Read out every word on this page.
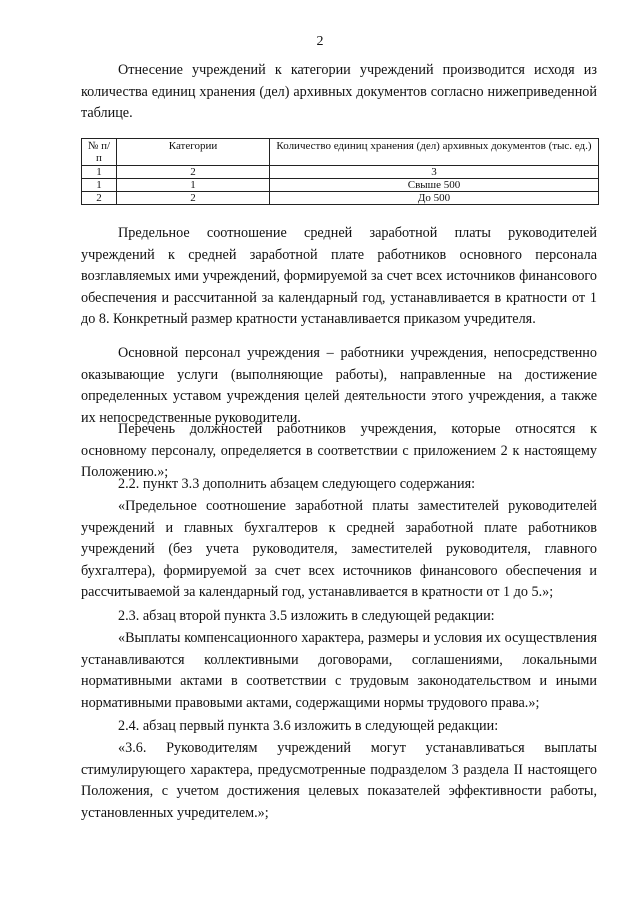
2

Отнесение учреждений к категории учреждений производится исходя из количества единиц хранения (дел) архивных документов согласно нижеприведенной таблице.

№ п/п	Категории	Количество единиц хранения (дел) архивных документов (тыс. ед.)
1	2	3
1	1	Свыше 500
2	2	До 500

Предельное соотношение средней заработной платы руководителей учреждений к средней заработной плате работников основного персонала возглавляемых ими учреждений, формируемой за счет всех источников финансового обеспечения и рассчитанной за календарный год, устанавливается в кратности от 1 до 8. Конкретный размер кратности устанавливается приказом учредителя.

Основной персонал учреждения – работники учреждения, непосредственно оказывающие услуги (выполняющие работы), направленные на достижение определенных уставом учреждения целей деятельности этого учреждения, а также их непосредственные руководители.

Перечень должностей работников учреждения, которые относятся к основному персоналу, определяется в соответствии с приложением 2 к настоящему Положению.»;

2.2. пункт 3.3 дополнить абзацем следующего содержания:

«Предельное соотношение заработной платы заместителей руководителей учреждений и главных бухгалтеров к средней заработной плате работников учреждений (без учета руководителя, заместителей руководителя, главного бухгалтера), формируемой за счет всех источников финансового обеспечения и рассчитываемой за календарный год, устанавливается в кратности от 1 до 5.»;

2.3. абзац второй пункта 3.5 изложить в следующей редакции:

«Выплаты компенсационного характера, размеры и условия их осуществления устанавливаются коллективными договорами, соглашениями, локальными нормативными актами в соответствии с трудовым законодательством и иными нормативными правовыми актами, содержащими нормы трудового права.»;

2.4. абзац первый пункта 3.6 изложить в следующей редакции:

«3.6. Руководителям учреждений могут устанавливаться выплаты стимулирующего характера, предусмотренные подразделом 3 раздела II настоящего Положения, с учетом достижения целевых показателей эффективности работы, установленных учредителем.»;
